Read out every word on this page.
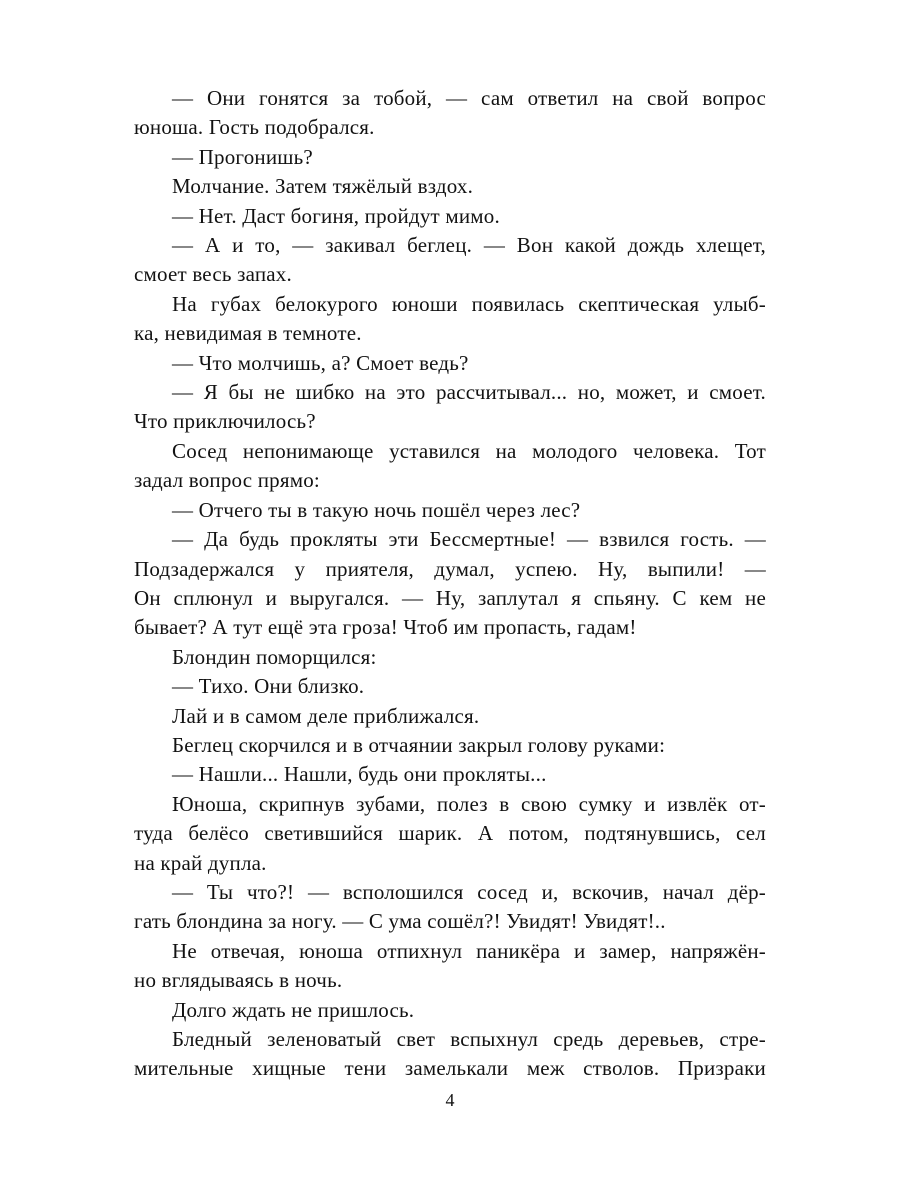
— Они гонятся за тобой, — сам ответил на свой вопрос
юноша. Гость подобрался.
— Прогонишь?
Молчание. Затем тяжёлый вздох.
— Нет. Даст богиня, пройдут мимо.
— А и то, — закивал беглец. — Вон какой дождь хлещет,
смоет весь запах.
На губах белокурого юноши появилась скептическая улыб-
ка, невидимая в темноте.
— Что молчишь, а? Смоет ведь?
— Я бы не шибко на это рассчитывал... но, может, и смоет.
Что приключилось?
Сосед непонимающе уставился на молодого человека. Тот
задал вопрос прямо:
— Отчего ты в такую ночь пошёл через лес?
— Да будь прокляты эти Бессмертные! — взвился гость. —
Подзадержался у приятеля, думал, успею. Ну, выпили! —
Он сплюнул и выругался. — Ну, заплутал я спьяну. С кем не
бывает? А тут ещё эта гроза! Чтоб им пропасть, гадам!
Блондин поморщился:
— Тихо. Они близко.
Лай и в самом деле приближался.
Беглец скорчился и в отчаянии закрыл голову руками:
— Нашли... Нашли, будь они прокляты...
Юноша, скрипнув зубами, полез в свою сумку и извлёк от-
туда белёсо светившийся шарик. А потом, подтянувшись, сел
на край дупла.
— Ты что?! — всполошился сосед и, вскочив, начал дёр-
гать блондина за ногу. — С ума сошёл?! Увидят! Увидят!..
Не отвечая, юноша отпихнул паникёра и замер, напряжён-
но вглядываясь в ночь.
Долго ждать не пришлось.
Бледный зеленоватый свет вспыхнул средь деревьев, стре-
мительные хищные тени замелькали меж стволов. Призраки
4
